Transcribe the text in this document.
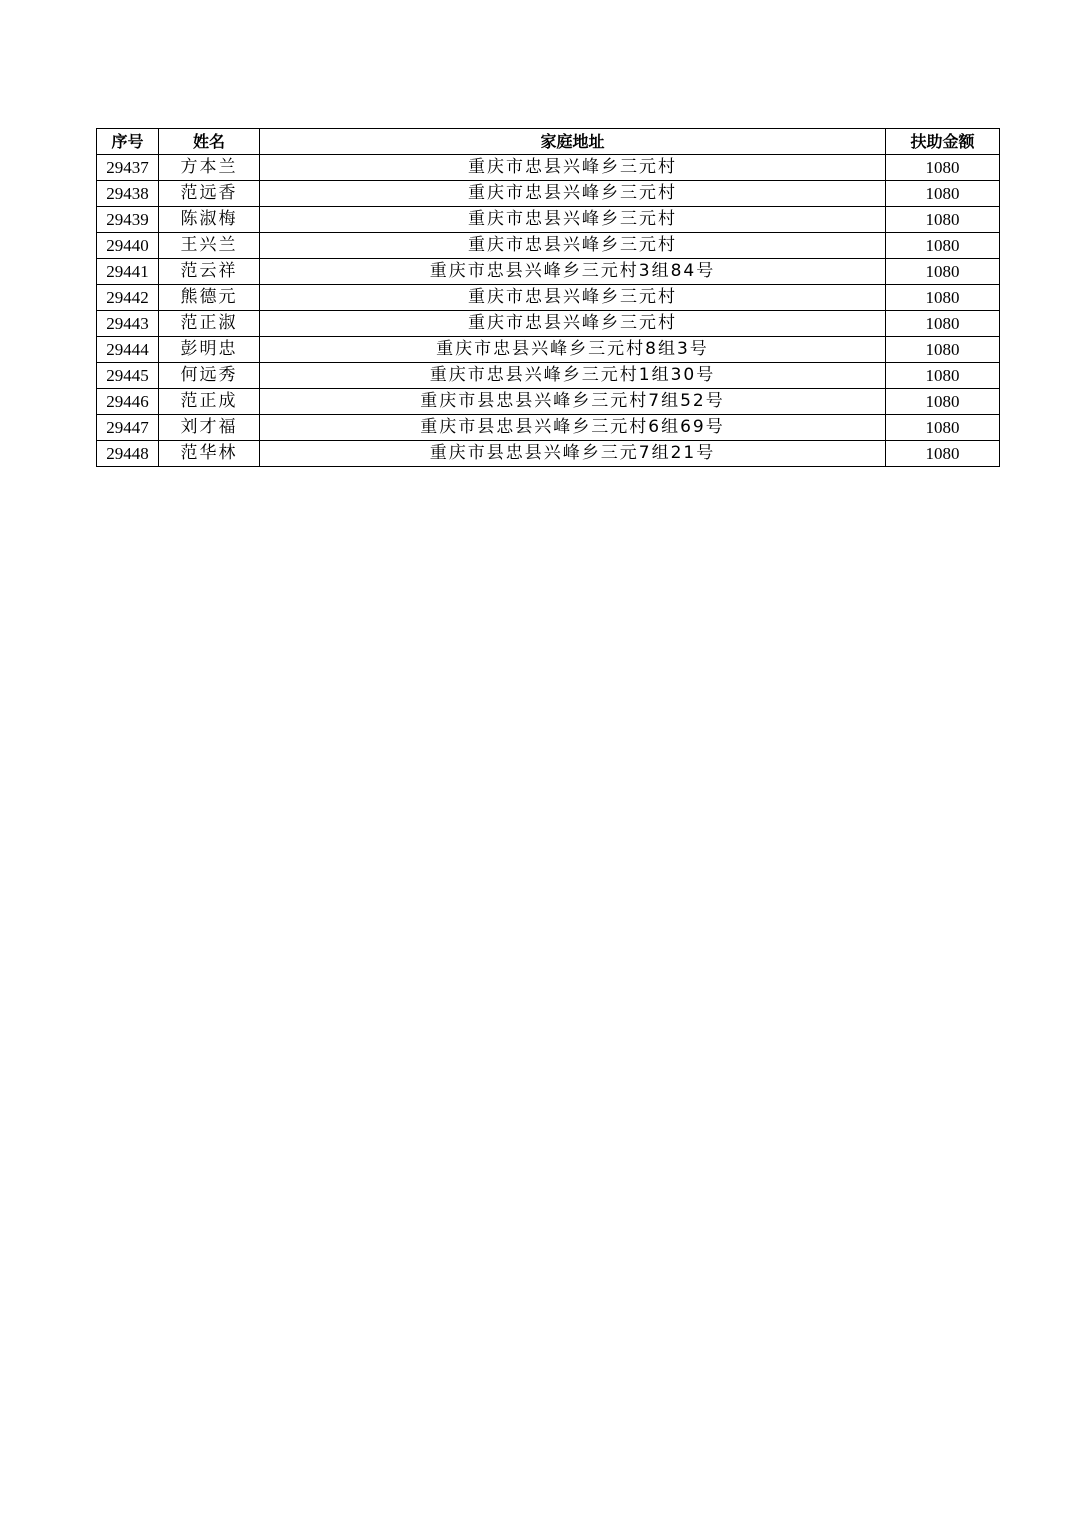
序号	姓名	家庭地址	扶助金额
29437	方本兰	重庆市忠县兴峰乡三元村	1080
29438	范远香	重庆市忠县兴峰乡三元村	1080
29439	陈淑梅	重庆市忠县兴峰乡三元村	1080
29440	王兴兰	重庆市忠县兴峰乡三元村	1080
29441	范云祥	重庆市忠县兴峰乡三元村3组84号	1080
29442	熊德元	重庆市忠县兴峰乡三元村	1080
29443	范正淑	重庆市忠县兴峰乡三元村	1080
29444	彭明忠	重庆市忠县兴峰乡三元村8组3号	1080
29445	何远秀	重庆市忠县兴峰乡三元村1组30号	1080
29446	范正成	重庆市县忠县兴峰乡三元村7组52号	1080
29447	刘才福	重庆市县忠县兴峰乡三元村6组69号	1080
29448	范华林	重庆市县忠县兴峰乡三元7组21号	1080
